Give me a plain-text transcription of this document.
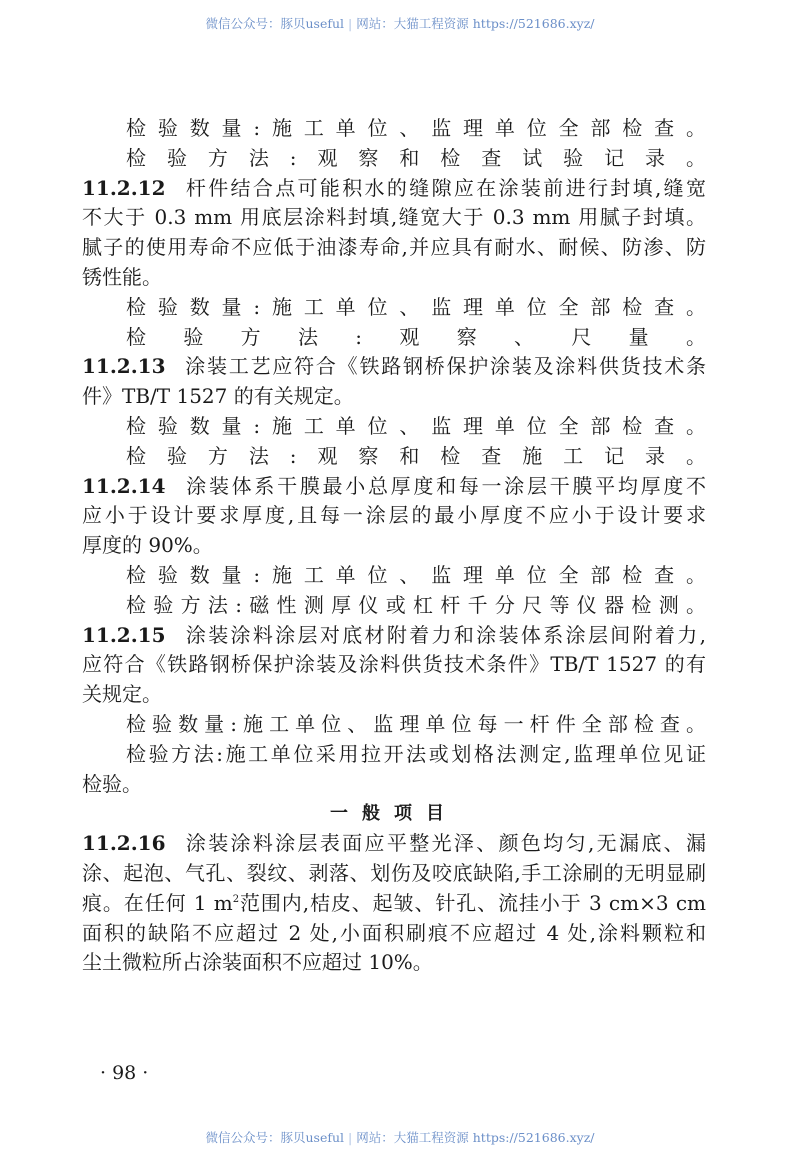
微信公众号：豚贝useful | 网站：大猫工程资源 https://521686.xyz/
检验数量:施工单位、监理单位全部检查。
检验方法:观察和检查试验记录。
11.2.12 杆件结合点可能积水的缝隙应在涂装前进行封填,缝宽
不大于 0.3 mm 用底层涂料封填,缝宽大于 0.3 mm 用腻子封填。
腻子的使用寿命不应低于油漆寿命,并应具有耐水、耐候、防渗、防
锈性能。
检验数量:施工单位、监理单位全部检查。
检验方法:观察、尺量。
11.2.13 涂装工艺应符合《铁路钢桥保护涂装及涂料供货技术条
件》TB/T 1527 的有关规定。
检验数量:施工单位、监理单位全部检查。
检验方法:观察和检查施工记录。
11.2.14 涂装体系干膜最小总厚度和每一涂层干膜平均厚度不
应小于设计要求厚度,且每一涂层的最小厚度不应小于设计要求
厚度的 90%。
检验数量:施工单位、监理单位全部检查。
检验方法:磁性测厚仪或杠杆千分尺等仪器检测。
11.2.15 涂装涂料涂层对底材附着力和涂装体系涂层间附着力,
应符合《铁路钢桥保护涂装及涂料供货技术条件》TB/T 1527 的有
关规定。
检验数量:施工单位、监理单位每一杆件全部检查。
检验方法:施工单位采用拉开法或划格法测定,监理单位见证
检验。
一般项目
11.2.16 涂装涂料涂层表面应平整光泽、颜色均匀,无漏底、漏
涂、起泡、气孔、裂纹、剥落、划伤及咬底缺陷,手工涂刷的无明显刷
痕。在任何 1 $m^2$范围内,桔皮、起皱、针孔、流挂小于 3 cm×3 cm
面积的缺陷不应超过 2 处,小面积刷痕不应超过 4 处,涂料颗粒和
尘土微粒所占涂装面积不应超过 10%。
· 98 ·
微信公众号：豚贝useful | 网站：大猫工程资源 https://521686.xyz/
